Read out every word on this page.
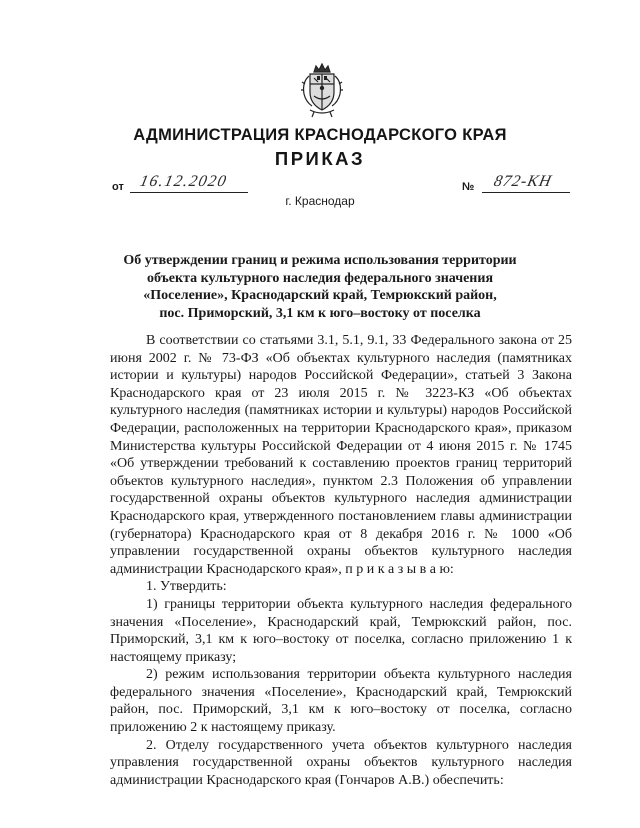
АДМИНИСТРАЦИЯ КРАСНОДАРСКОГО КРАЯ
ПРИКАЗ
от 16.12.2020	№ 872-КН
г. Краснодар
Об утверждении границ и режима использования территории
объекта культурного наследия федерального значения
«Поселение», Краснодарский край, Темрюкский район,
пос. Приморский, 3,1 км к юго–востоку от поселка

В соответствии со статьями 3.1, 5.1, 9.1, 33 Федерального закона от 25 июня 2002 г. № 73-ФЗ «Об объектах культурного наследия (памятниках истории и культуры) народов Российской Федерации», статьей 3 Закона Краснодарского края от 23 июля 2015 г. № 3223-КЗ «Об объектах культурного наследия (памятниках истории и культуры) народов Российской Федерации, расположенных на территории Краснодарского края», приказом Министерства культуры Российской Федерации от 4 июня 2015 г. № 1745 «Об утверждении требований к составлению проектов границ территорий объектов культурного наследия», пунктом 2.3 Положения об управлении государственной охраны объектов культурного наследия администрации Краснодарского края, утвержденного постановлением главы администрации (губернатора) Краснодарского края от 8 декабря 2016 г. № 1000 «Об управлении государственной охраны объектов культурного наследия администрации Краснодарского края», п р и к а з ы в а ю:

1. Утвердить:

1) границы территории объекта культурного наследия федерального значения «Поселение», Краснодарский край, Темрюкский район, пос. Приморский, 3,1 км к юго–востоку от поселка, согласно приложению 1 к настоящему приказу;

2) режим использования территории объекта культурного наследия федерального значения «Поселение», Краснодарский край, Темрюкский район, пос. Приморский, 3,1 км к юго–востоку от поселка, согласно приложению 2 к настоящему приказу.

2. Отделу государственного учета объектов культурного наследия управления государственной охраны объектов культурного наследия администрации Краснодарского края (Гончаров А.В.) обеспечить:
